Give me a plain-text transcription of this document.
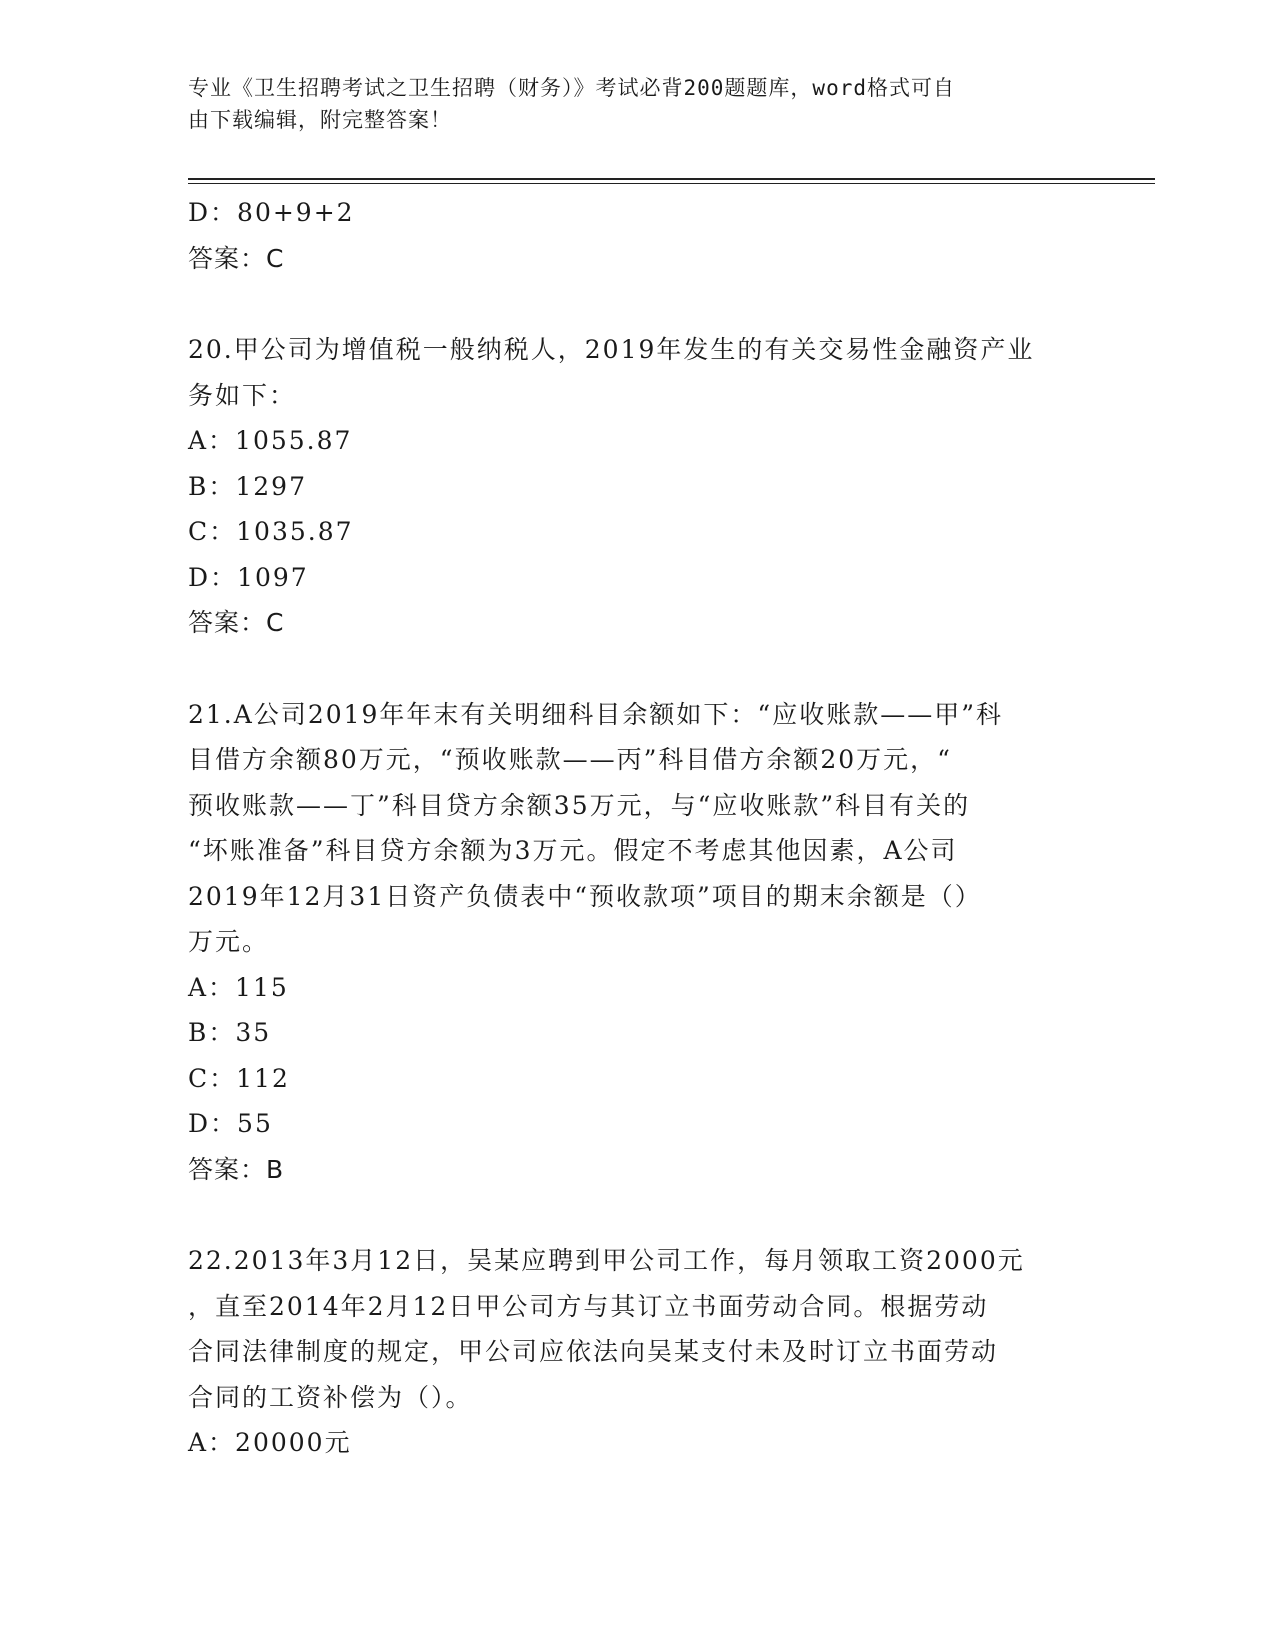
专业《卫生招聘考试之卫生招聘（财务）》考试必背200题题库，word格式可自
由下载编辑，附完整答案！
D：80+9+2
答案：C
20.甲公司为增值税一般纳税人，2019年发生的有关交易性金融资产业
务如下：
A：1055.87
B：1297
C：1035.87
D：1097
答案：C
21.A公司2019年年末有关明细科目余额如下：“应收账款——甲”科
目借方余额80万元，“预收账款——丙”科目借方余额20万元，“
预收账款——丁”科目贷方余额35万元，与“应收账款”科目有关的
“坏账准备”科目贷方余额为3万元。假定不考虑其他因素，A公司
2019年12月31日资产负债表中“预收款项”项目的期末余额是（）
万元。
A：115
B：35
C：112
D：55
答案：B
22.2013年3月12日，吴某应聘到甲公司工作，每月领取工资2000元
，直至2014年2月12日甲公司方与其订立书面劳动合同。根据劳动
合同法律制度的规定，甲公司应依法向吴某支付未及时订立书面劳动
合同的工资补偿为（）。
A：20000元
